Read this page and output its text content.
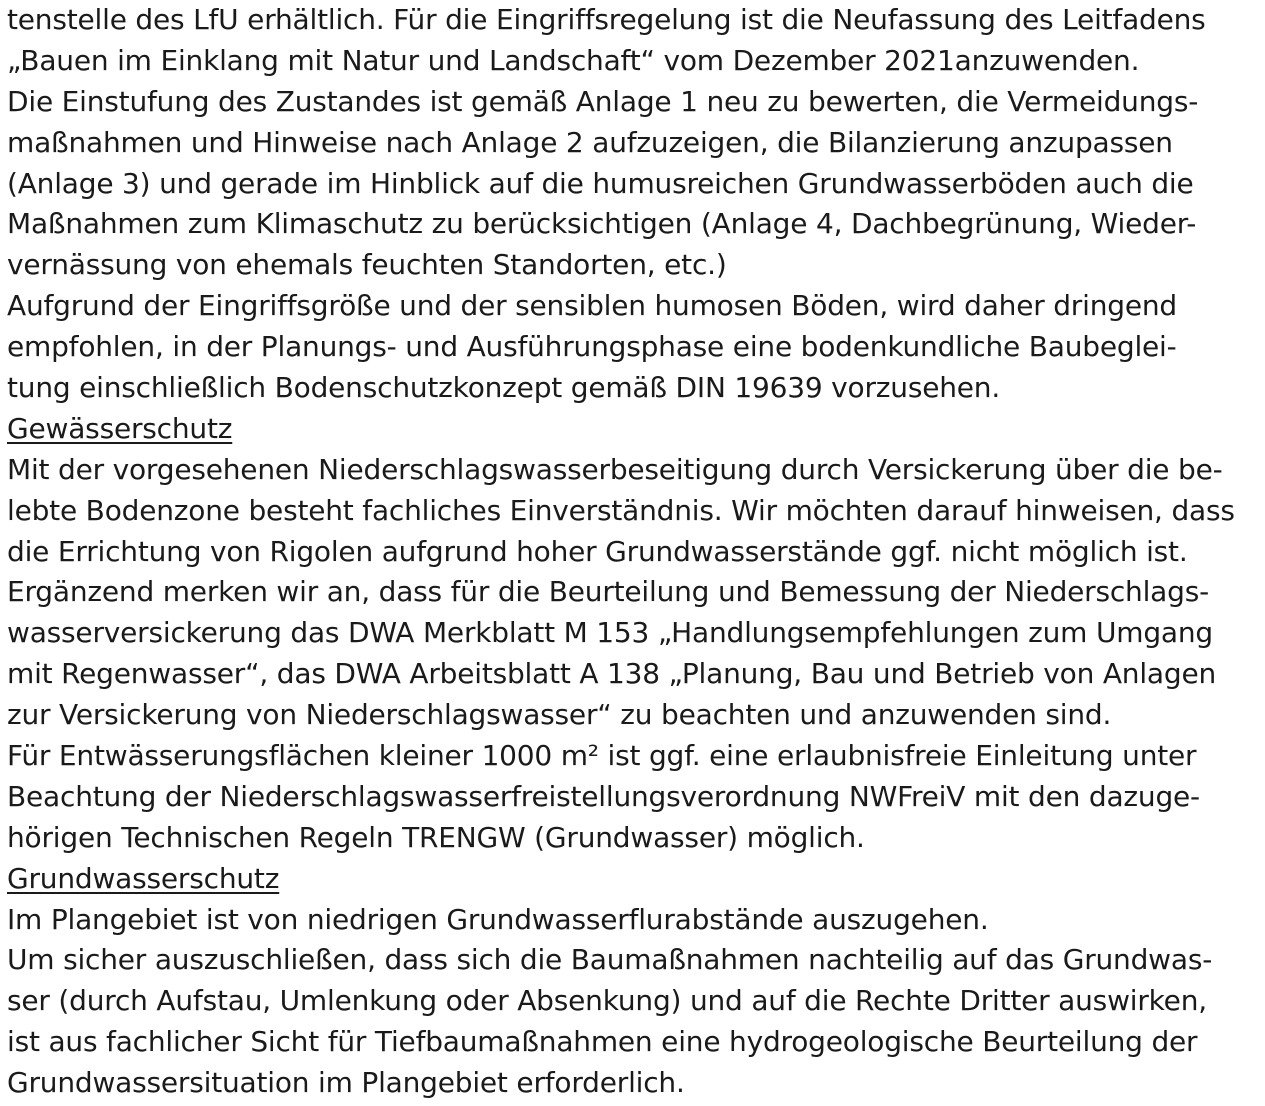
tenstelle des LfU erhältlich. Für die Eingriffsregelung ist die Neufassung des Leitfadens
„Bauen im Einklang mit Natur und Landschaft“ vom Dezember 2021anzuwenden.
Die Einstufung des Zustandes ist gemäß Anlage 1 neu zu bewerten, die Vermeidungs-
maßnahmen und Hinweise nach Anlage 2 aufzuzeigen, die Bilanzierung anzupassen
(Anlage 3) und gerade im Hinblick auf die humusreichen Grundwasserböden auch die
Maßnahmen zum Klimaschutz zu berücksichtigen (Anlage 4, Dachbegrünung, Wieder-
vernässung von ehemals feuchten Standorten, etc.)
Aufgrund der Eingriffsgröße und der sensiblen humosen Böden, wird daher dringend
empfohlen, in der Planungs- und Ausführungsphase eine bodenkundliche Baubeglei-
tung einschließlich Bodenschutzkonzept gemäß DIN 19639 vorzusehen.
Gewässerschutz
Mit der vorgesehenen Niederschlagswasserbeseitigung durch Versickerung über die be-
lebte Bodenzone besteht fachliches Einverständnis. Wir möchten darauf hinweisen, dass
die Errichtung von Rigolen aufgrund hoher Grundwasserstände ggf. nicht möglich ist.
Ergänzend merken wir an, dass für die Beurteilung und Bemessung der Niederschlags-
wasserversickerung das DWA Merkblatt M 153 „Handlungsempfehlungen zum Umgang
mit Regenwasser“, das DWA Arbeitsblatt A 138 „Planung, Bau und Betrieb von Anlagen
zur Versickerung von Niederschlagswasser“ zu beachten und anzuwenden sind.
Für Entwässerungsflächen kleiner 1000 m² ist ggf. eine erlaubnisfreie Einleitung unter
Beachtung der Niederschlagswasserfreistellungsverordnung NWFreiV mit den dazuge-
hörigen Technischen Regeln TRENGW (Grundwasser) möglich.
Grundwasserschutz
Im Plangebiet ist von niedrigen Grundwasserflurabstände auszugehen.
Um sicher auszuschließen, dass sich die Baumaßnahmen nachteilig auf das Grundwas-
ser (durch Aufstau, Umlenkung oder Absenkung) und auf die Rechte Dritter auswirken,
ist aus fachlicher Sicht für Tiefbaumaßnahmen eine hydrogeologische Beurteilung der
Grundwassersituation im Plangebiet erforderlich.
